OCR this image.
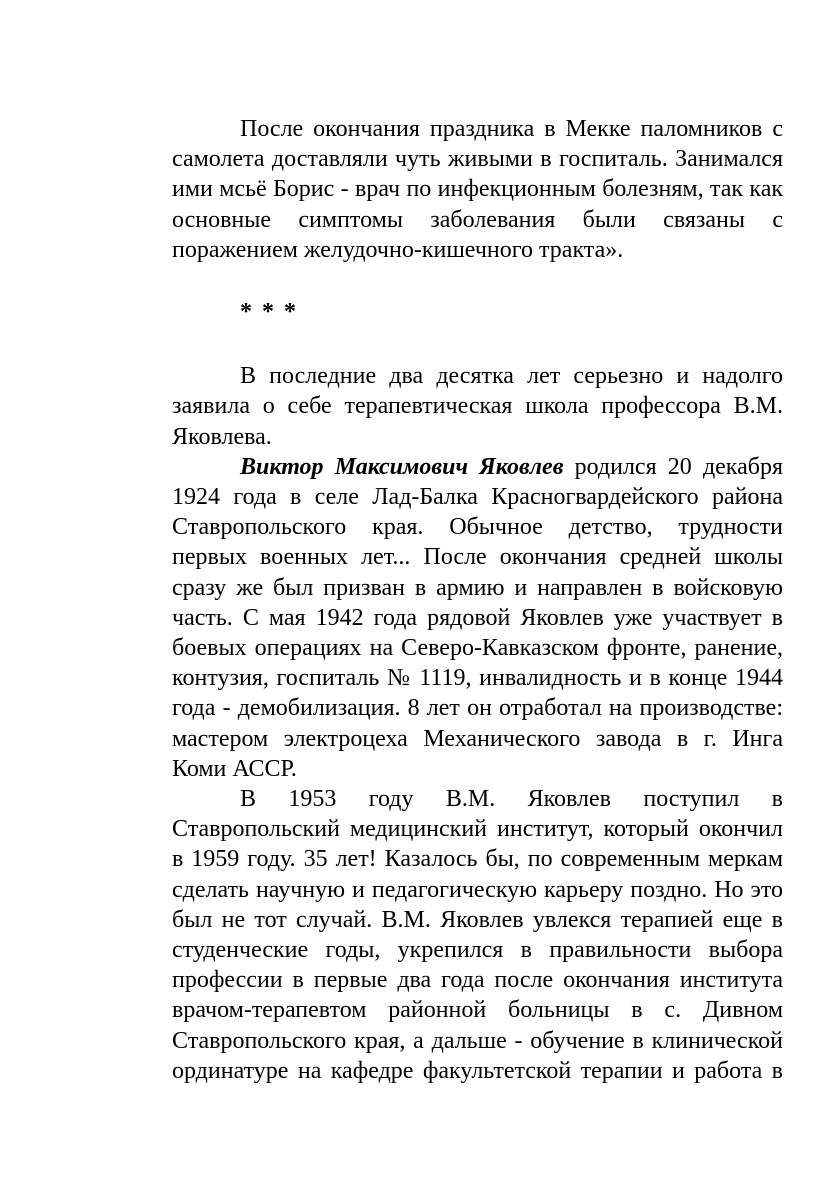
После окончания праздника в Мекке паломников с самолета доставляли чуть живыми в госпиталь. Занимался ими мсьё Борис - врач по инфекционным болезням, так как основные симптомы заболевания были связаны с поражением желудочно-кишечного тракта».

* * *

В последние два десятка лет серьезно и надолго заявила о себе терапевтическая школа профессора В.М. Яковлева.

Виктор Максимович Яковлев родился 20 декабря 1924 года в селе Лад-Балка Красногвардейского района Ставропольского края. Обычное детство, трудности первых военных лет... После окончания средней школы сразу же был призван в армию и направлен в войсковую часть. С мая 1942 года рядовой Яковлев уже участвует в боевых операциях на Северо-Кавказском фронте, ранение, контузия, госпиталь № 1119, инвалидность и в конце 1944 года - демобилизация. 8 лет он отработал на производстве: мастером электроцеха Механического завода в г. Инга Коми АССР.

В 1953 году В.М. Яковлев поступил в Ставропольский медицинский институт, который окончил в 1959 году. 35 лет! Казалось бы, по современным меркам сделать научную и педагогическую карьеру поздно. Но это был не тот случай. В.М. Яковлев увлекся терапией еще в студенческие годы, укрепился в правильности выбора профессии в первые два года после окончания института врачом-терапевтом районной больницы в с. Дивном Ставропольского края, а дальше - обучение в клинической ординатуре на кафедре факультетской терапии и работа в
